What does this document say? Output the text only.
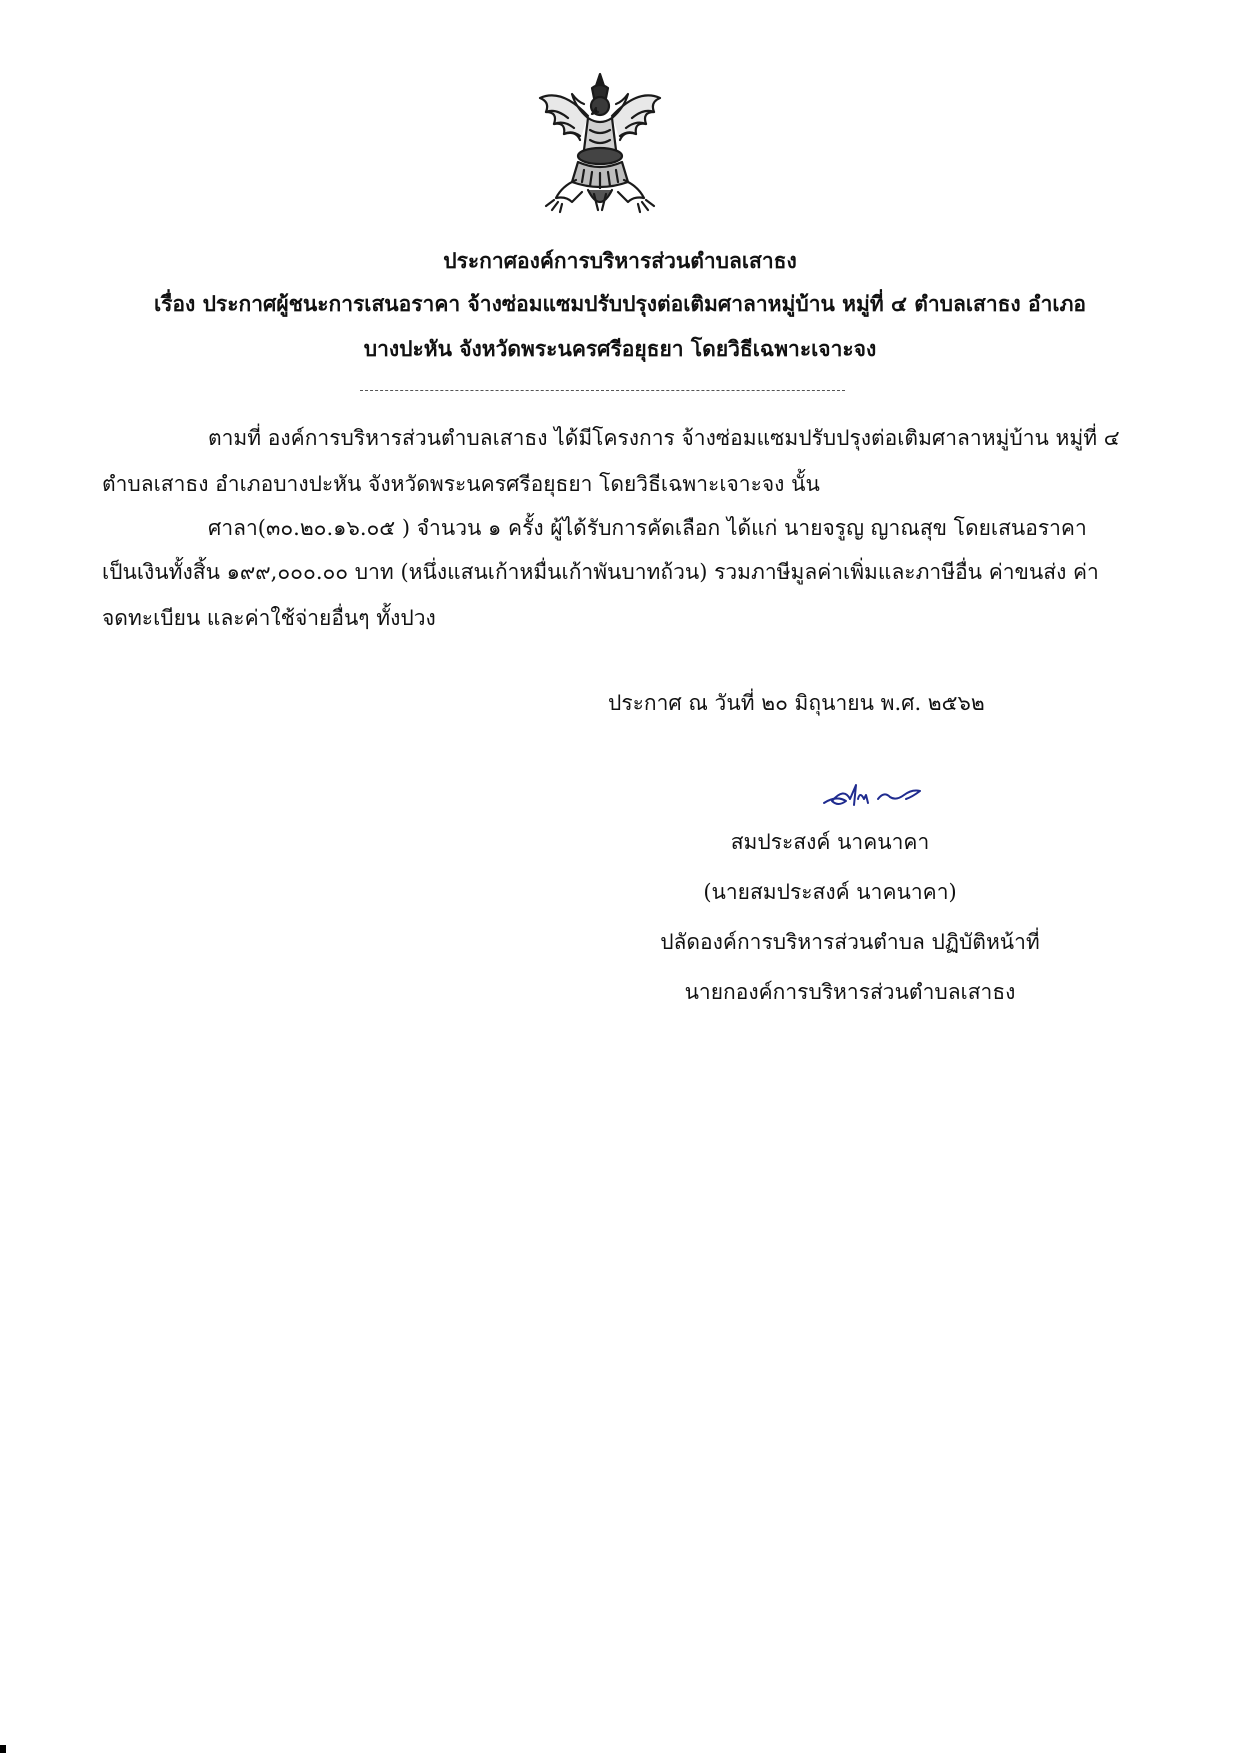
ประกาศองค์การบริหารส่วนตำบลเสาธง
เรื่อง ประกาศผู้ชนะการเสนอราคา จ้างซ่อมแซมปรับปรุงต่อเติมศาลาหมู่บ้าน หมู่ที่ ๔ ตำบลเสาธง อำเภอ
บางปะหัน จังหวัดพระนครศรีอยุธยา โดยวิธีเฉพาะเจาะจง
ตามที่ องค์การบริหารส่วนตำบลเสาธง ได้มีโครงการ จ้างซ่อมแซมปรับปรุงต่อเติมศาลาหมู่บ้าน หมู่ที่ ๔
ตำบลเสาธง อำเภอบางปะหัน จังหวัดพระนครศรีอยุธยา โดยวิธีเฉพาะเจาะจง นั้น
ศาลา(๓๐.๒๐.๑๖.๐๕ ) จำนวน ๑ ครั้ง ผู้ได้รับการคัดเลือก ได้แก่ นายจรูญ ญาณสุข โดยเสนอราคา
เป็นเงินทั้งสิ้น ๑๙๙,๐๐๐.๐๐ บาท (หนึ่งแสนเก้าหมื่นเก้าพันบาทถ้วน) รวมภาษีมูลค่าเพิ่มและภาษีอื่น ค่าขนส่ง ค่า
จดทะเบียน และค่าใช้จ่ายอื่นๆ ทั้งปวง
ประกาศ ณ วันที่ ๒๐ มิถุนายน พ.ศ. ๒๕๖๒
สมประสงค์ นาคนาคา
(นายสมประสงค์ นาคนาคา)
ปลัดองค์การบริหารส่วนตำบล ปฏิบัติหน้าที่
นายกองค์การบริหารส่วนตำบลเสาธง
